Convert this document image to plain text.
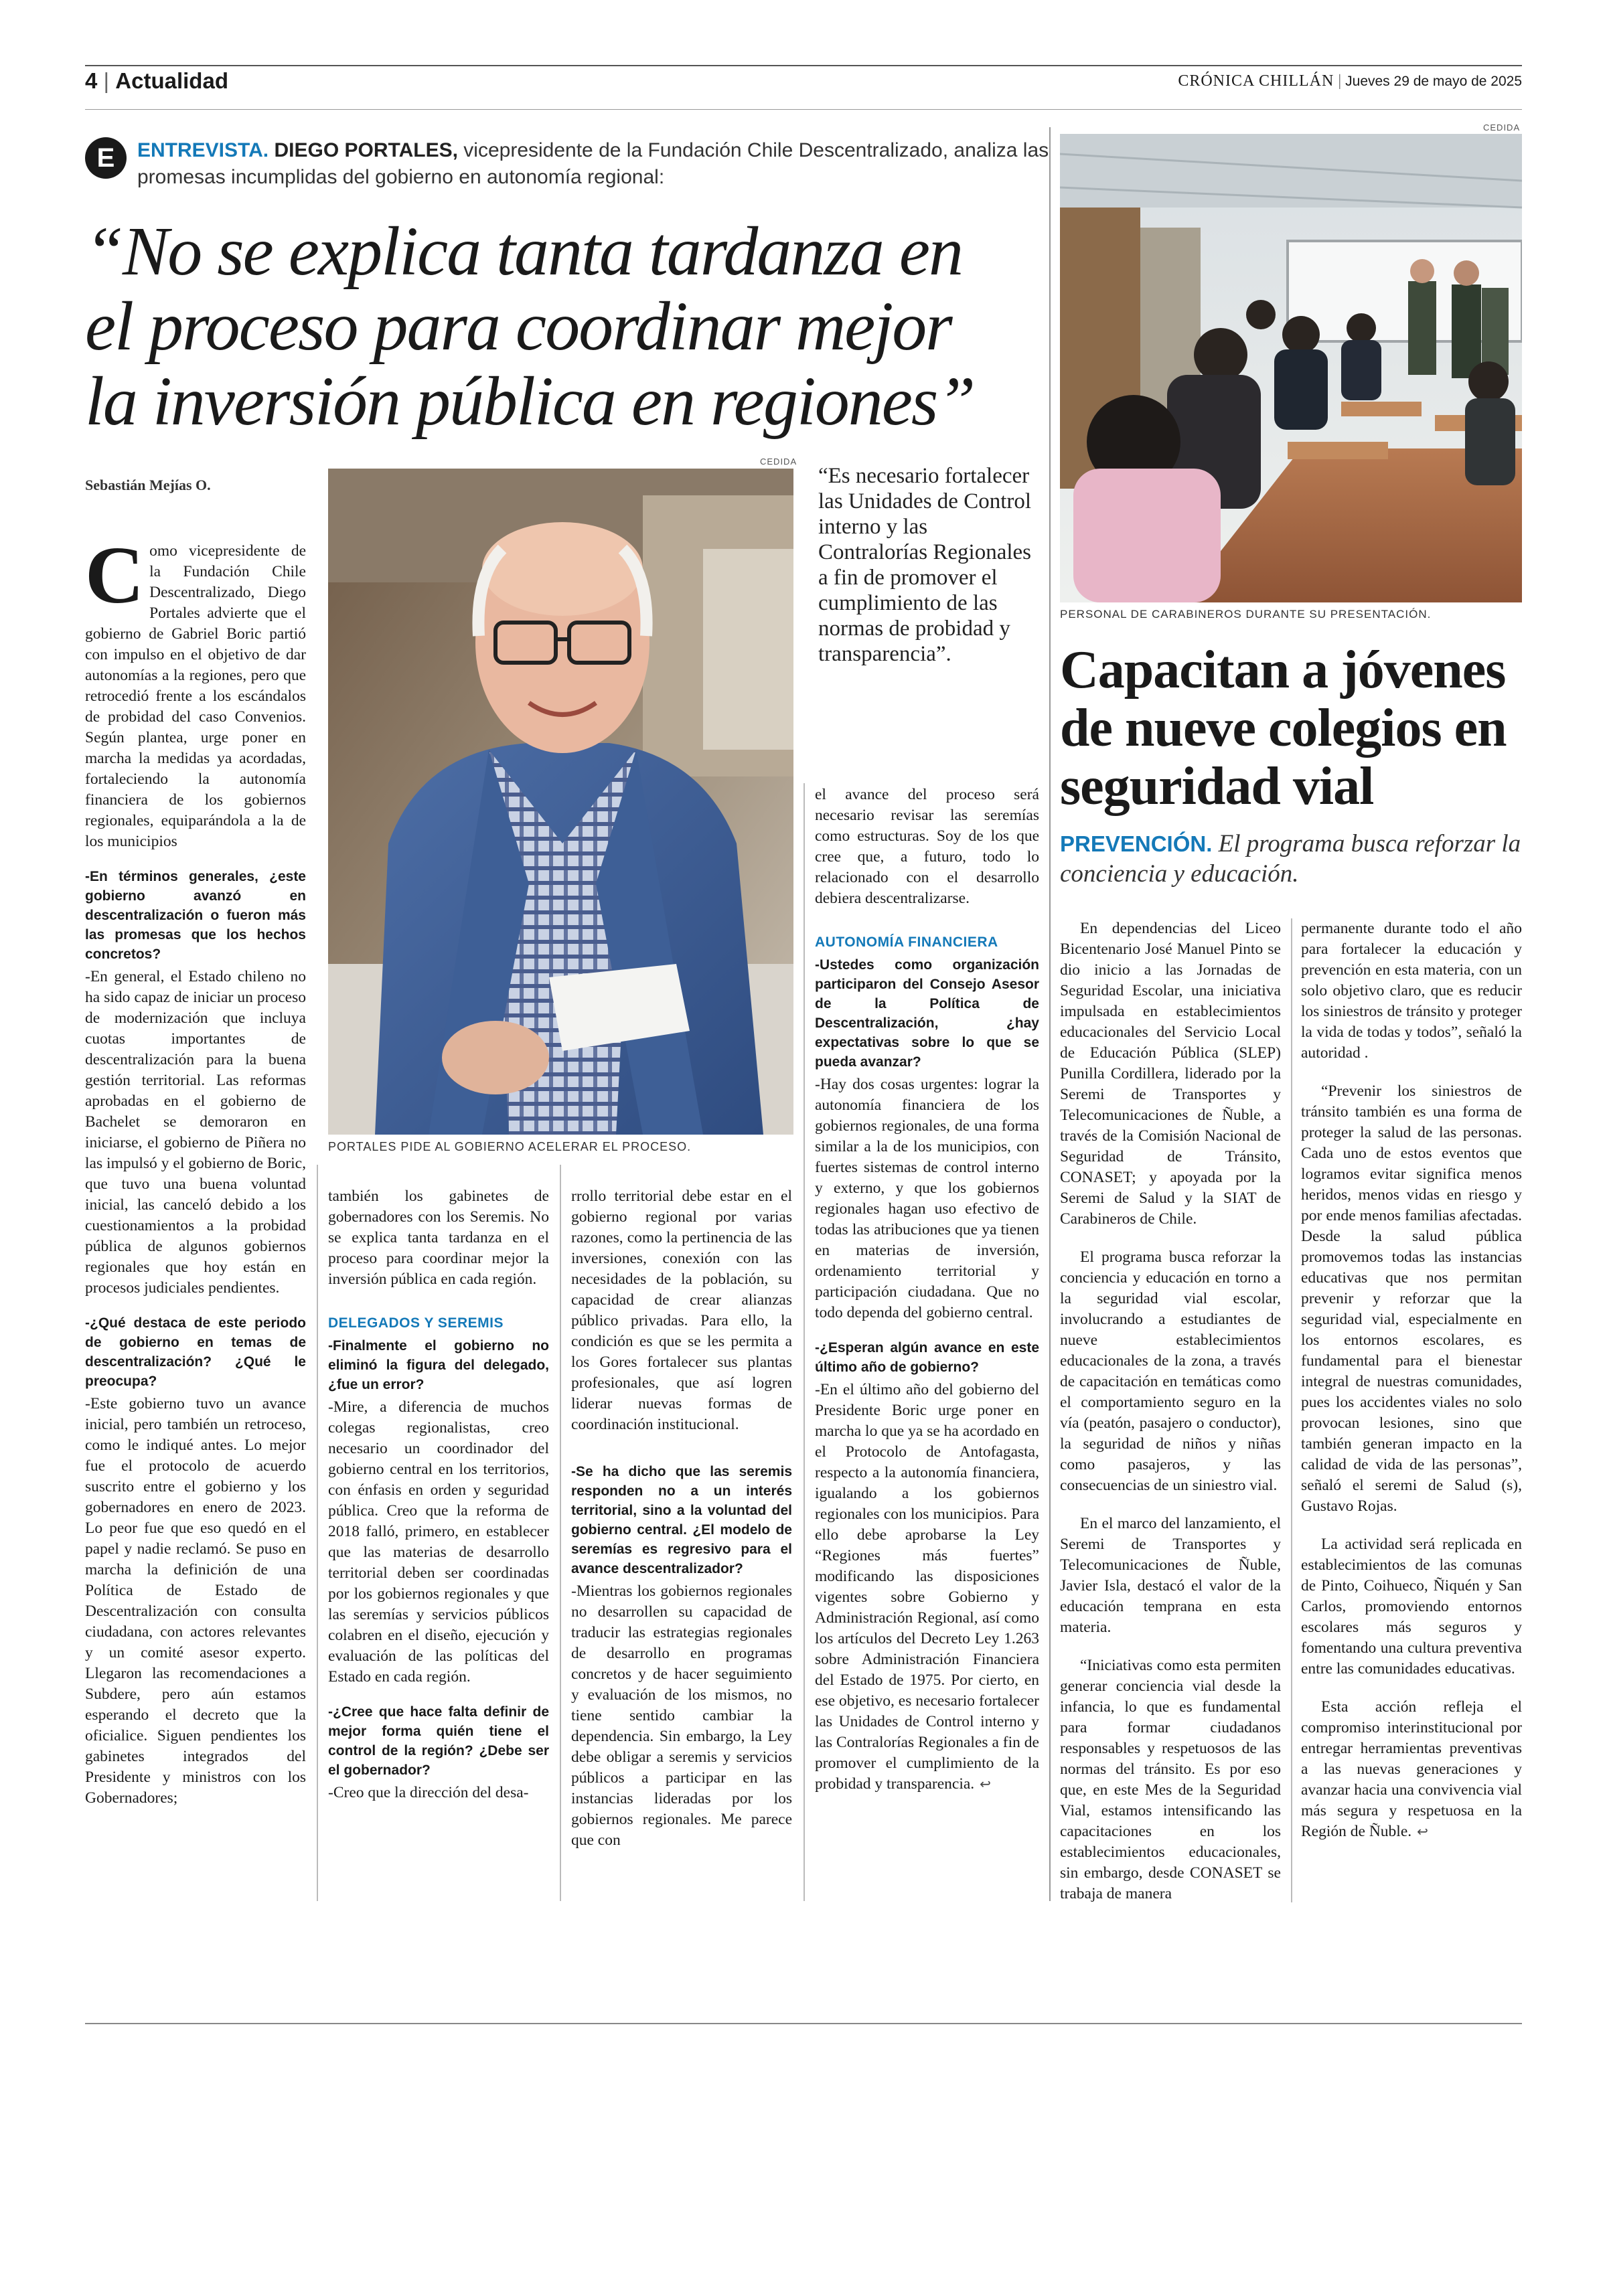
4 | Actualidad	CRÓNICA CHILLÁN | Jueves 29 de mayo de 2025
E	ENTREVISTA. DIEGO PORTALES, vicepresidente de la Fundación Chile Descentralizado, analiza las promesas incumplidas del gobierno en autonomía regional:
“No se explica tanta tardanza en
el proceso para coordinar mejor
la inversión pública en regiones”
Sebastián Mejías O.
CEDIDA
PORTALES PIDE AL GOBIERNO ACELERAR EL PROCESO.
“Es necesario fortalecer las Unidades de Control interno y las Contralorías Regionales a fin de promover el cumplimiento de las normas de probidad y transparencia”.

Como vicepresidente de la Fundación Chile Descentralizado, Diego Portales advierte que el gobierno de Gabriel Boric partió con impulso en el objetivo de dar autonomías a la regiones, pero que retrocedió frente a los escándalos de probidad del caso Convenios. Según plantea, urge poner en marcha la medidas ya acordadas, fortaleciendo la autonomía financiera de los gobiernos regionales, equiparándola a la de los municipios

-En términos generales, ¿este gobierno avanzó en descentralización o fueron más las promesas que los hechos concretos?

-En general, el Estado chileno no ha sido capaz de iniciar un proceso de modernización que incluya cuotas importantes de descentralización para la buena gestión territorial. Las reformas aprobadas en el gobierno de Bachelet se demoraron en iniciarse, el gobierno de Piñera no las impulsó y el gobierno de Boric, que tuvo una buena voluntad inicial, las canceló debido a los cuestionamientos a la probidad pública de algunos gobiernos regionales que hoy están en procesos judiciales pendientes.

-¿Qué destaca de este periodo de gobierno en temas de descentralización? ¿Qué le preocupa?

-Este gobierno tuvo un avance inicial, pero también un retroceso, como le indiqué antes. Lo mejor fue el protocolo de acuerdo suscrito entre el gobierno y los gobernadores en enero de 2023. Lo peor fue que eso quedó en el papel y nadie reclamó. Se puso en marcha la definición de una Política de Estado de Descentralización con consulta ciudadana, con actores relevantes y un comité asesor experto. Llegaron las recomendaciones a Subdere, pero aún estamos esperando el decreto que la oficialice. Siguen pendientes los gabinetes integrados del Presidente y ministros con los Gobernadores;

también los gabinetes de gobernadores con los Seremis. No se explica tanta tardanza en el proceso para coordinar mejor la inversión pública en cada región.

DELEGADOS Y SEREMIS

-Finalmente el gobierno no eliminó la figura del delegado, ¿fue un error?

-Mire, a diferencia de muchos colegas regionalistas, creo necesario un coordinador del gobierno central en los territorios, con énfasis en orden y seguridad pública. Creo que la reforma de 2018 falló, primero, en establecer que las materias de desarrollo territorial deben ser coordinadas por los gobiernos regionales y que las seremías y servicios públicos colabren en el diseño, ejecución y evaluación de las políticas del Estado en cada región.

-¿Cree que hace falta definir de mejor forma quién tiene el control de la región? ¿Debe ser el gobernador?

-Creo que la dirección del desa-

rrollo territorial debe estar en el gobierno regional por varias razones, como la pertinencia de las inversiones, conexión con las necesidades de la población, su capacidad de crear alianzas público privadas. Para ello, la condición es que se les permita a los Gores fortalecer sus plantas profesionales, que así logren liderar nuevas formas de coordinación institucional.

-Se ha dicho que las seremis responden no a un interés territorial, sino a la voluntad del gobierno central. ¿El modelo de seremías es regresivo para el avance descentralizador?

-Mientras los gobiernos regionales no desarrollen su capacidad de traducir las estrategias regionales de desarrollo en programas concretos y de hacer seguimiento y evaluación de los mismos, no tiene sentido cambiar la dependencia. Sin embargo, la Ley debe obligar a seremis y servicios públicos a participar en las instancias lideradas por los gobiernos regionales. Me parece que con

el avance del proceso será necesario revisar las seremías como estructuras. Soy de los que cree que, a futuro, todo lo relacionado con el desarrollo debiera descentralizarse.

AUTONOMÍA FINANCIERA

-Ustedes como organización participaron del Consejo Asesor de la Política de Descentralización, ¿hay expectativas sobre lo que se pueda avanzar?

-Hay dos cosas urgentes: lograr la autonomía financiera de los gobiernos regionales, de una forma similar a la de los municipios, con fuertes sistemas de control interno y externo, y que los gobiernos regionales hagan uso efectivo de todas las atribuciones que ya tienen en materias de inversión, ordenamiento territorial y participación ciudadana. Que no todo dependa del gobierno central.

-¿Esperan algún avance en este último año de gobierno?

-En el último año del gobierno del Presidente Boric urge poner en marcha lo que ya se ha acordado en el Protocolo de Antofagasta, respecto a la autonomía financiera, igualando a los gobiernos regionales con los municipios. Para ello debe aprobarse la Ley “Regiones más fuertes” modificando las disposiciones vigentes sobre Gobierno y Administración Regional, así como los artículos del Decreto Ley 1.263 sobre Administración Financiera del Estado de 1975. Por cierto, en ese objetivo, es necesario fortalecer las Unidades de Control interno y las Contralorías Regionales a fin de promover el cumplimiento de la probidad y transparencia. ↩

CEDIDA
PERSONAL DE CARABINEROS DURANTE SU PRESENTACIÓN.
Capacitan a jóvenes de nueve colegios en seguridad vial
PREVENCIÓN. El programa busca reforzar la conciencia y educación.

En dependencias del Liceo Bicentenario José Manuel Pinto se dio inicio a las Jornadas de Seguridad Escolar, una iniciativa impulsada en establecimientos educacionales del Servicio Local de Educación Pública (SLEP) Punilla Cordillera, liderado por la Seremi de Transportes y Telecomunicaciones de Ñuble, a través de la Comisión Nacional de Seguridad de Tránsito, CONASET; y apoyada por la Seremi de Salud y la SIAT de Carabineros de Chile.

El programa busca reforzar la conciencia y educación en torno a la seguridad vial escolar, involucrando a estudiantes de nueve establecimientos educacionales de la zona, a través de capacitación en temáticas como el comportamiento seguro en la vía (peatón, pasajero o conductor), la seguridad de niños y niñas como pasajeros, y las consecuencias de un siniestro vial.

En el marco del lanzamiento, el Seremi de Transportes y Telecomunicaciones de Ñuble, Javier Isla, destacó el valor de la educación temprana en esta materia.

“Iniciativas como esta permiten generar conciencia vial desde la infancia, lo que es fundamental para formar ciudadanos responsables y respetuosos de las normas del tránsito. Es por eso que, en este Mes de la Seguridad Vial, estamos intensificando las capacitaciones en los establecimientos educacionales, sin embargo, desde CONASET se trabaja de manera

permanente durante todo el año para fortalecer la educación y prevención en esta materia, con un solo objetivo claro, que es reducir los siniestros de tránsito y proteger la vida de todas y todos”, señaló la autoridad .

“Prevenir los siniestros de tránsito también es una forma de proteger la salud de las personas. Cada uno de estos eventos que logramos evitar significa menos heridos, menos vidas en riesgo y por ende menos familias afectadas. Desde la salud pública promovemos todas las instancias educativas que nos permitan prevenir y reforzar que la seguridad vial, especialmente en los entornos escolares, es fundamental para el bienestar integral de nuestras comunidades, pues los accidentes viales no solo provocan lesiones, sino que también generan impacto en la calidad de vida de las personas”, señaló el seremi de Salud (s), Gustavo Rojas.

La actividad será replicada en establecimientos de las comunas de Pinto, Coihueco, Ñiquén y San Carlos, promoviendo entornos escolares más seguros y fomentando una cultura preventiva entre las comunidades educativas.

Esta acción refleja el compromiso interinstitucional por entregar herramientas preventivas a las nuevas generaciones y avanzar hacia una convivencia vial más segura y respetuosa en la Región de Ñuble. ↩
